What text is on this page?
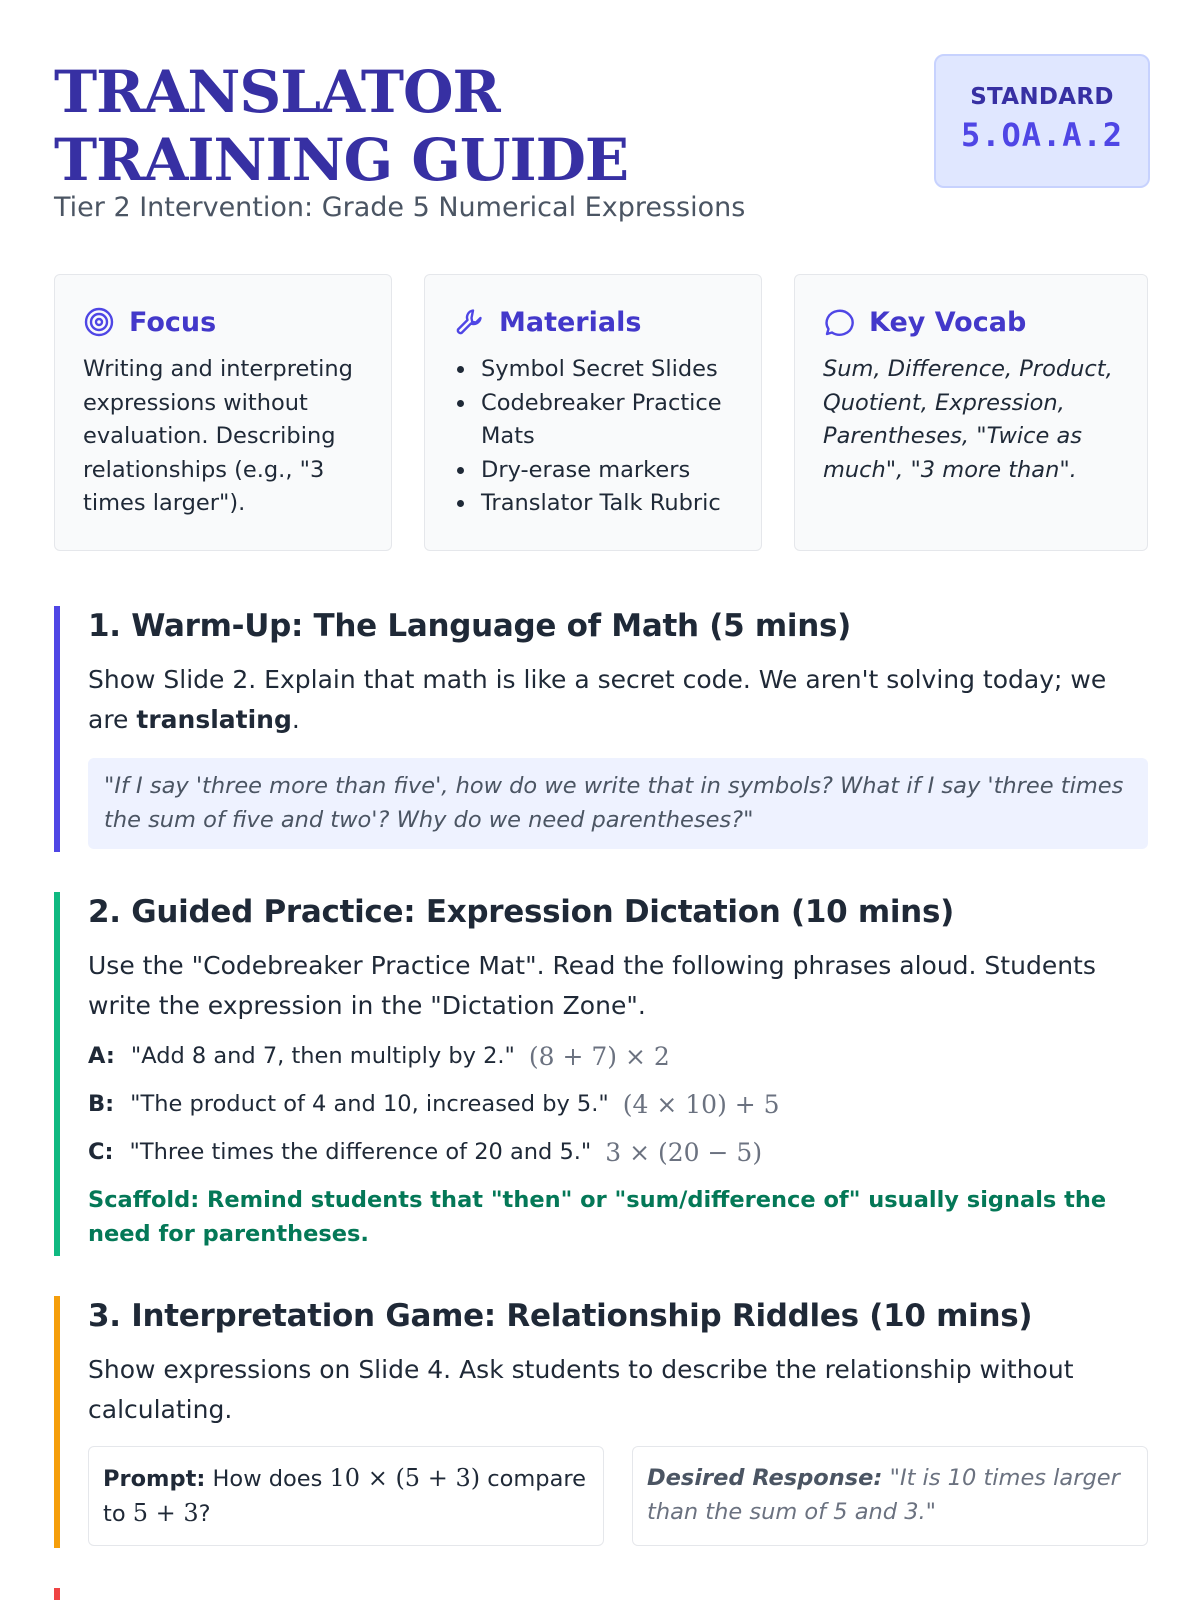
TRANSLATOR TRAINING GUIDE

Tier 2 Intervention: Grade 5 Numerical Expressions

STANDARD
5.OA.A.2
Focus
Writing and interpreting expressions without evaluation. Describing relationships (e.g., "3 times larger").
Materials
• Symbol Secret Slides
• Codebreaker Practice Mats
• Dry-erase markers
• Translator Talk Rubric
Key Vocab
Sum, Difference, Product, Quotient, Expression, Parentheses, "Twice as much", "3 more than".
1. Warm-Up: The Language of Math (5 mins)

Show Slide 2. Explain that math is like a secret code. We aren't solving today; we are translating.

"If I say 'three more than five', how do we write that in symbols? What if I say 'three times the sum of five and two'? Why do we need parentheses?"
2. Guided Practice: Expression Dictation (10 mins)

Use the "Codebreaker Practice Mat". Read the following phrases aloud. Students write the expression in the "Dictation Zone".

A: "Add 8 and 7, then multiply by 2." (8 + 7) × 2
B: "The product of 4 and 10, increased by 5." (4 × 10) + 5
C: "Three times the difference of 20 and 5." 3 × (20 − 5)
Scaffold: Remind students that "then" or "sum/difference of" usually signals the need for parentheses.
3. Interpretation Game: Relationship Riddles (10 mins)

Show expressions on Slide 4. Ask students to describe the relationship without calculating.

Prompt: How does 10 × (5 + 3) compare to 5 + 3?
Desired Response: "It is 10 times larger than the sum of 5 and 3."
